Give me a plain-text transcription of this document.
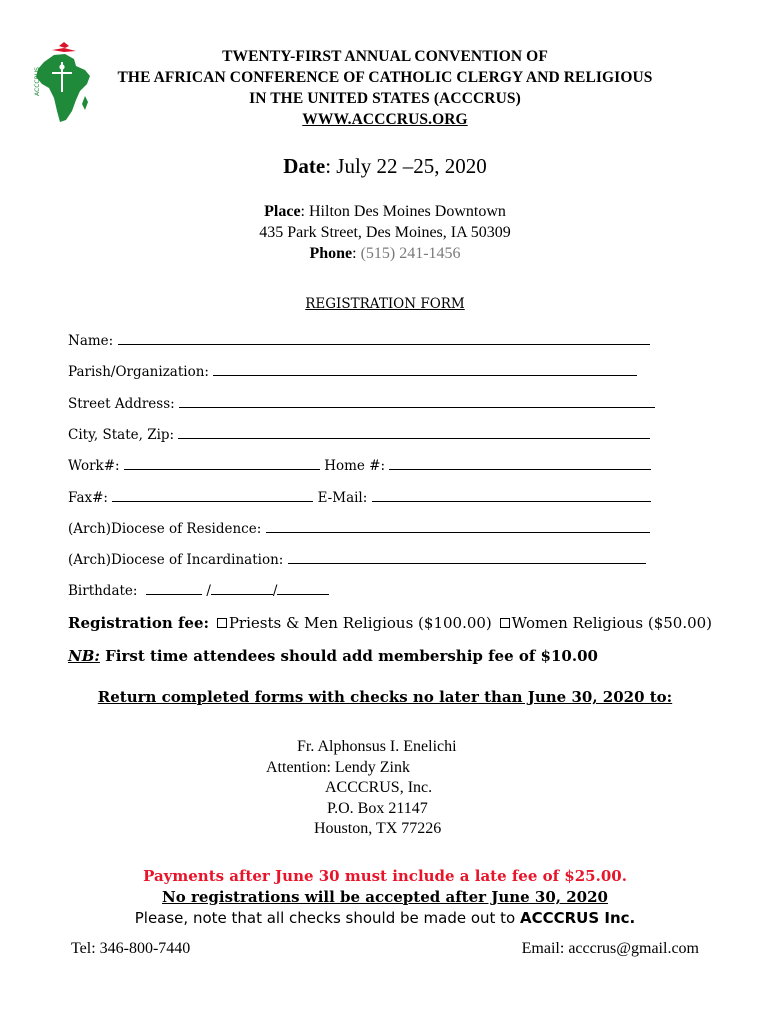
ACCCRUS
TWENTY-FIRST ANNUAL CONVENTION OF
THE AFRICAN CONFERENCE OF CATHOLIC CLERGY AND RELIGIOUS
IN THE UNITED STATES (ACCCRUS)
WWW.ACCCRUS.ORG
Date: July 22 –25, 2020
Place: Hilton Des Moines Downtown
435 Park Street, Des Moines, IA 50309
Phone: (515) 241-1456
REGISTRATION FORM
Name:
Parish/Organization:
Street Address:
City, State, Zip:
Work#:	Home #:
Fax#:	E-Mail:
(Arch)Diocese of Residence:
(Arch)Diocese of Incardination:
Birthdate:	/	/
Registration fee: Priests & Men Religious ($100.00) Women Religious ($50.00)
NB: First time attendees should add membership fee of $10.00
Return completed forms with checks no later than June 30, 2020 to:
Fr. Alphonsus I. Enelichi
Attention: Lendy Zink
ACCCRUS, Inc.
P.O. Box 21147
Houston, TX 77226
Payments after June 30 must include a late fee of $25.00.
No registrations will be accepted after June 30, 2020
Please, note that all checks should be made out to ACCCRUS Inc.
Tel: 346-800-7440	Email: acccrus@gmail.com
